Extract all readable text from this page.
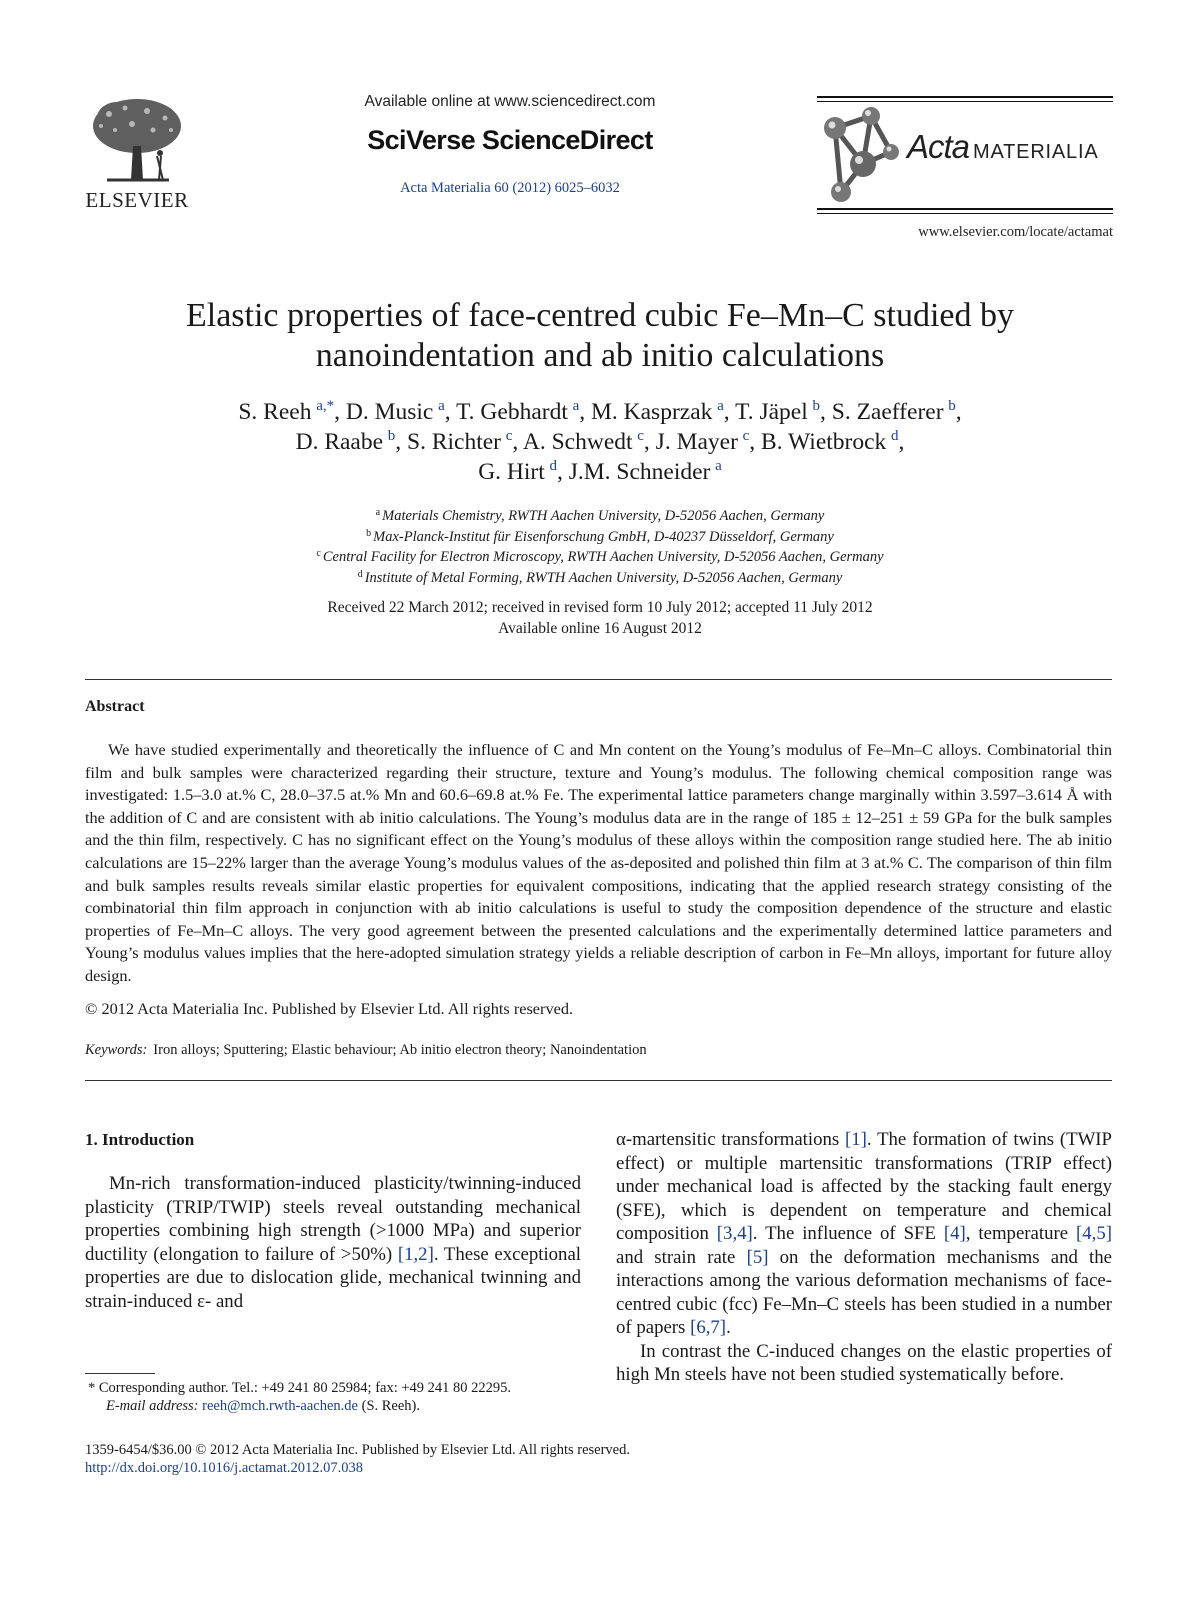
ELSEVIER
Available online at www.sciencedirect.com
SciVerse ScienceDirect
Acta Materialia 60 (2012) 6025–6032
Acta MATERIALIA
www.elsevier.com/locate/actamat
Elastic properties of face-centred cubic Fe–Mn–C studied by
nanoindentation and ab initio calculations
S. Reeh  $^{a,*}$, D. Music  $^a$, T. Gebhardt  $^a$, M. Kasprzak  $^a$, T. Jäpel  $^b$, S. Zaefferer  $^b$,
D. Raabe  $^b$, S. Richter  $^c$, A. Schwedt  $^c$, J. Mayer  $^c$, B. Wietbrock  $^d$,
G. Hirt  $^d$, J.M. Schneider  $^a$
$^a$ Materials Chemistry, RWTH Aachen University, D-52056 Aachen, Germany
$^b$ Max-Planck-Institut für Eisenforschung GmbH, D-40237 Düsseldorf, Germany
$^c$ Central Facility for Electron Microscopy, RWTH Aachen University, D-52056 Aachen, Germany
$^d$ Institute of Metal Forming, RWTH Aachen University, D-52056 Aachen, Germany
Received 22 March 2012; received in revised form 10 July 2012; accepted 11 July 2012
Available online 16 August 2012
Abstract

We have studied experimentally and theoretically the influence of C and Mn content on the Young’s modulus of Fe–Mn–C alloys. Combinatorial thin film and bulk samples were characterized regarding their structure, texture and Young’s modulus. The following chemical composition range was investigated: 1.5–3.0 at.% C, 28.0–37.5 at.% Mn and 60.6–69.8 at.% Fe. The experimental lattice parameters change marginally within 3.597–3.614 Å with the addition of C and are consistent with ab initio calculations. The Young’s modulus data are in the range of 185 ± 12–251 ± 59 GPa for the bulk samples and the thin film, respectively. C has no significant effect on the Young’s modulus of these alloys within the composition range studied here. The ab initio calculations are 15–22% larger than the average Young’s modulus values of the as-deposited and polished thin film at 3 at.% C. The comparison of thin film and bulk samples results reveals similar elastic properties for equivalent compositions, indicating that the applied research strategy consisting of the combinatorial thin film approach in conjunction with ab initio calculations is useful to study the composition dependence of the structure and elastic properties of Fe–Mn–C alloys. The very good agreement between the presented calculations and the experimentally determined lattice parameters and Young’s modulus values implies that the here-adopted simulation strategy yields a reliable description of carbon in Fe–Mn alloys, important for future alloy design.

© 2012 Acta Materialia Inc. Published by Elsevier Ltd. All rights reserved.
Keywords: Iron alloys; Sputtering; Elastic behaviour; Ab initio electron theory; Nanoindentation
1. Introduction

Mn-rich transformation-induced plasticity/twinning-induced plasticity (TRIP/TWIP) steels reveal outstanding mechanical properties combining high strength (>1000 MPa) and superior ductility (elongation to failure of >50%) [1,2]. These exceptional properties are due to dislocation glide, mechanical twinning and strain-induced ε- and

α-martensitic transformations [1]. The formation of twins (TWIP effect) or multiple martensitic transformations (TRIP effect) under mechanical load is affected by the stacking fault energy (SFE), which is dependent on temperature and chemical composition [3,4]. The influence of SFE [4], temperature [4,5] and strain rate [5] on the deformation mechanisms and the interactions among the various deformation mechanisms of face-centred cubic (fcc) Fe–Mn–C steels has been studied in a number of papers [6,7].

In contrast the C-induced changes on the elastic properties of high Mn steels have not been studied systematically before.

* Corresponding author. Tel.: +49 241 80 25984; fax: +49 241 80 22295.
E-mail address: reeh@mch.rwth-aachen.de (S. Reeh).
1359-6454/$36.00 © 2012 Acta Materialia Inc. Published by Elsevier Ltd. All rights reserved.
http://dx.doi.org/10.1016/j.actamat.2012.07.038
